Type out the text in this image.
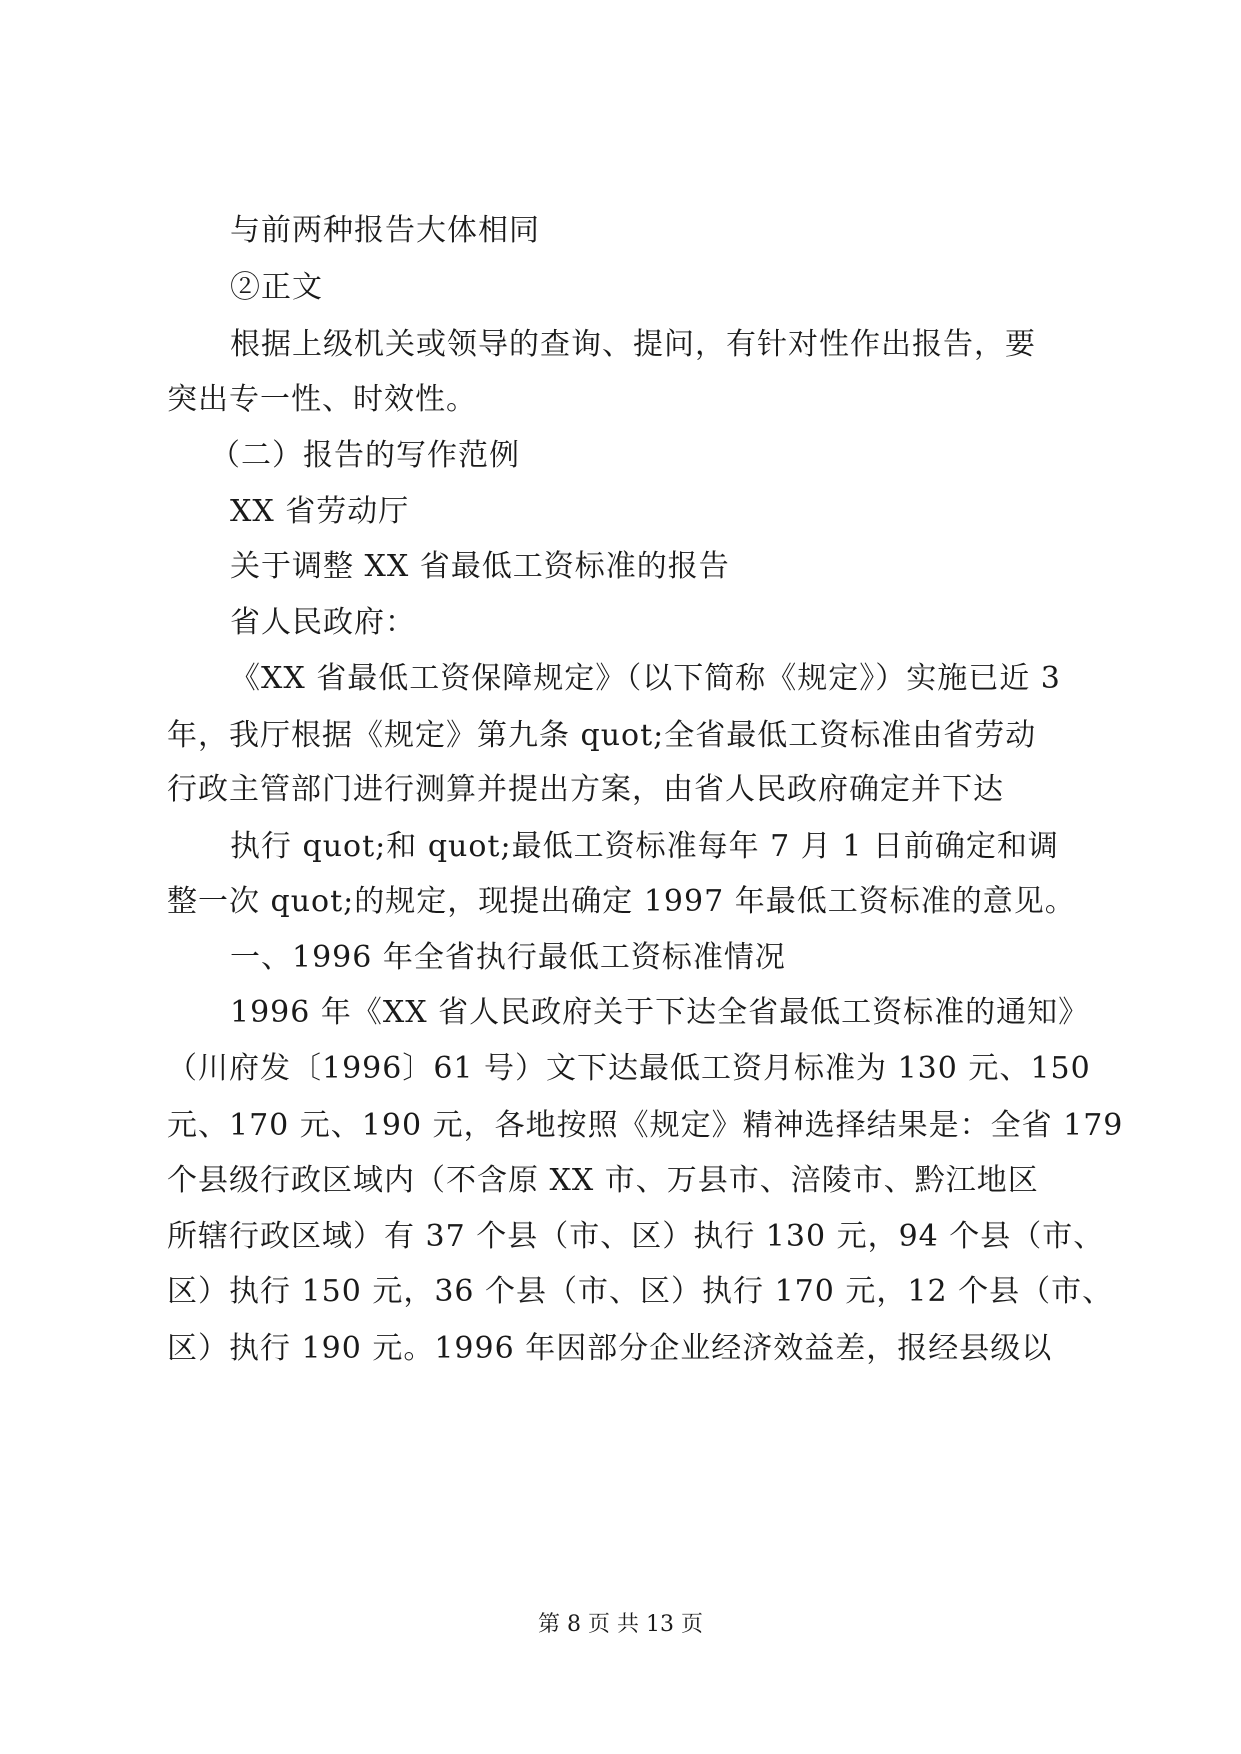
与前两种报告大体相同
②正文
根据上级机关或领导的查询、提问，有针对性作出报告，要
突出专一性、时效性。
（二）报告的写作范例
XX 省劳动厅
关于调整 XX 省最低工资标准的报告
省人民政府：
《XX 省最低工资保障规定》（以下简称《规定》）实施已近 3
年，我厅根据《规定》第九条 quot;全省最低工资标准由省劳动
行政主管部门进行测算并提出方案，由省人民政府确定并下达
执行 quot;和 quot;最低工资标准每年 7 月 1 日前确定和调
整一次 quot;的规定，现提出确定 1997 年最低工资标准的意见。
一、1996 年全省执行最低工资标准情况
1996 年《XX 省人民政府关于下达全省最低工资标准的通知》
（川府发〔1996〕61 号）文下达最低工资月标准为 130 元、150
元、170 元、190 元，各地按照《规定》精神选择结果是：全省 179
个县级行政区域内（不含原 XX 市、万县市、涪陵市、黔江地区
所辖行政区域）有 37 个县（市、区）执行 130 元，94 个县（市、
区）执行 150 元，36 个县（市、区）执行 170 元，12 个县（市、
区）执行 190 元。1996 年因部分企业经济效益差，报经县级以
第 8 页 共 13 页
